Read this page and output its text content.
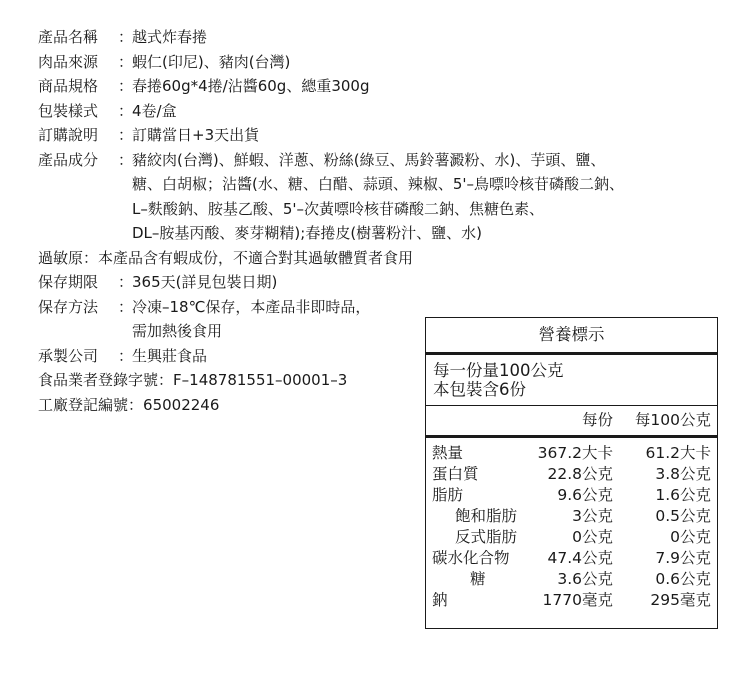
產品名稱	：
越式炸春捲
肉品來源	：
蝦仁(印尼)、豬肉(台灣)
商品規格	：
春捲60g*4捲/沾醬60g、總重300g
包裝樣式	：
4卷/盒
訂購說明	：
訂購當日+3天出貨
產品成分	：
豬絞肉(台灣)、鮮蝦、洋蔥、粉絲(綠豆、馬鈴薯澱粉、水)、芋頭、鹽、
糖、白胡椒；沾醬(水、糖、白醋、蒜頭、辣椒、5'–鳥嘌呤核苷磷酸二鈉、
L–麩酸鈉、胺基乙酸、5'–次黃嘌呤核苷磷酸二鈉、焦糖色素、
DL–胺基丙酸、麥芽糊精);春捲皮(樹薯粉汁、鹽、水)
過敏原 ： 本產品含有蝦成份，不適合對其過敏體質者食用
保存期限	：
365天(詳見包裝日期)
保存方法	：
冷凍–18℃保存，本產品非即時品，
需加熱後食用
承製公司	：
生興莊食品
食品業者登錄字號 ： F–148781551–00001–3
工廠登記編號 ： 65002246
營養標示
每一份量100公克
本包裝含6份
每份	每100公克
熱量	367.2大卡	61.2大卡
蛋白質	22.8公克	3.8公克
脂肪	9.6公克	1.6公克
飽和脂肪	3公克	0.5公克
反式脂肪	0公克	0公克
碳水化合物	47.4公克	7.9公克
糖	3.6公克	0.6公克
鈉	1770毫克	295毫克
